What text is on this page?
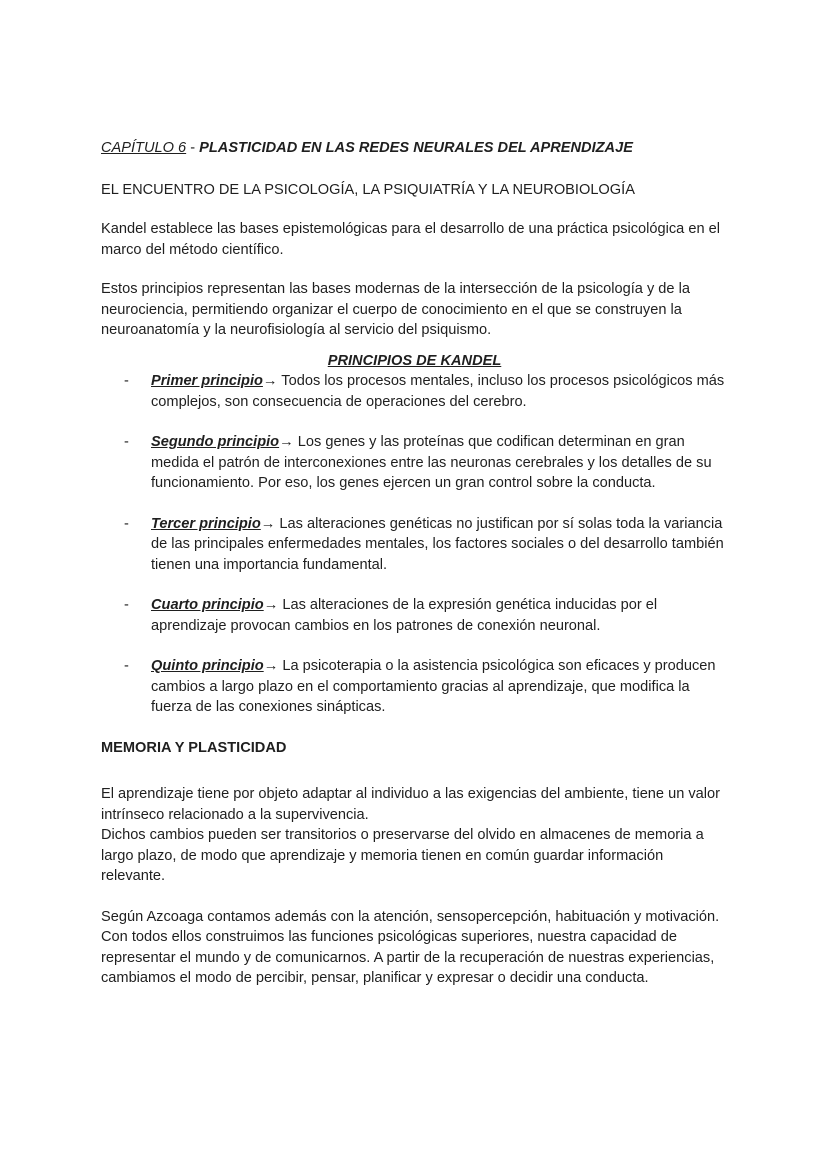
CAPÍTULO 6 - PLASTICIDAD EN LAS REDES NEURALES DEL APRENDIZAJE
EL ENCUENTRO DE LA PSICOLOGÍA, LA PSIQUIATRÍA Y LA NEUROBIOLOGÍA

Kandel establece las bases epistemológicas para el desarrollo de una práctica psicológica en el marco del método científico.

Estos principios representan las bases modernas de la intersección de la psicología y de la neurociencia, permitiendo organizar el cuerpo de conocimiento en el que se construyen la neuroanatomía y la neurofisiología al servicio del psiquismo.

PRINCIPIOS DE KANDEL
- Primer principio→ Todos los procesos mentales, incluso los procesos psicológicos más complejos, son consecuencia de operaciones del cerebro.
- Segundo principio→ Los genes y las proteínas que codifican determinan en gran medida el patrón de interconexiones entre las neuronas cerebrales y los detalles de su funcionamiento. Por eso, los genes ejercen un gran control sobre la conducta.
- Tercer principio→ Las alteraciones genéticas no justifican por sí solas toda la variancia de las principales enfermedades mentales, los factores sociales o del desarrollo también tienen una importancia fundamental.
- Cuarto principio→ Las alteraciones de la expresión genética inducidas por el aprendizaje provocan cambios en los patrones de conexión neuronal.
- Quinto principio→ La psicoterapia o la asistencia psicológica son eficaces y producen cambios a largo plazo en el comportamiento gracias al aprendizaje, que modifica la fuerza de las conexiones sinápticas.
MEMORIA Y PLASTICIDAD

El aprendizaje tiene por objeto adaptar al individuo a las exigencias del ambiente, tiene un valor intrínseco relacionado a la supervivencia.

Dichos cambios pueden ser transitorios o preservarse del olvido en almacenes de memoria a largo plazo, de modo que aprendizaje y memoria tienen en común guardar información relevante.

Según Azcoaga contamos además con la atención, sensopercepción, habituación y motivación.

Con todos ellos construimos las funciones psicológicas superiores, nuestra capacidad de representar el mundo y de comunicarnos. A partir de la recuperación de nuestras experiencias, cambiamos el modo de percibir, pensar, planificar y expresar o decidir una conducta.
